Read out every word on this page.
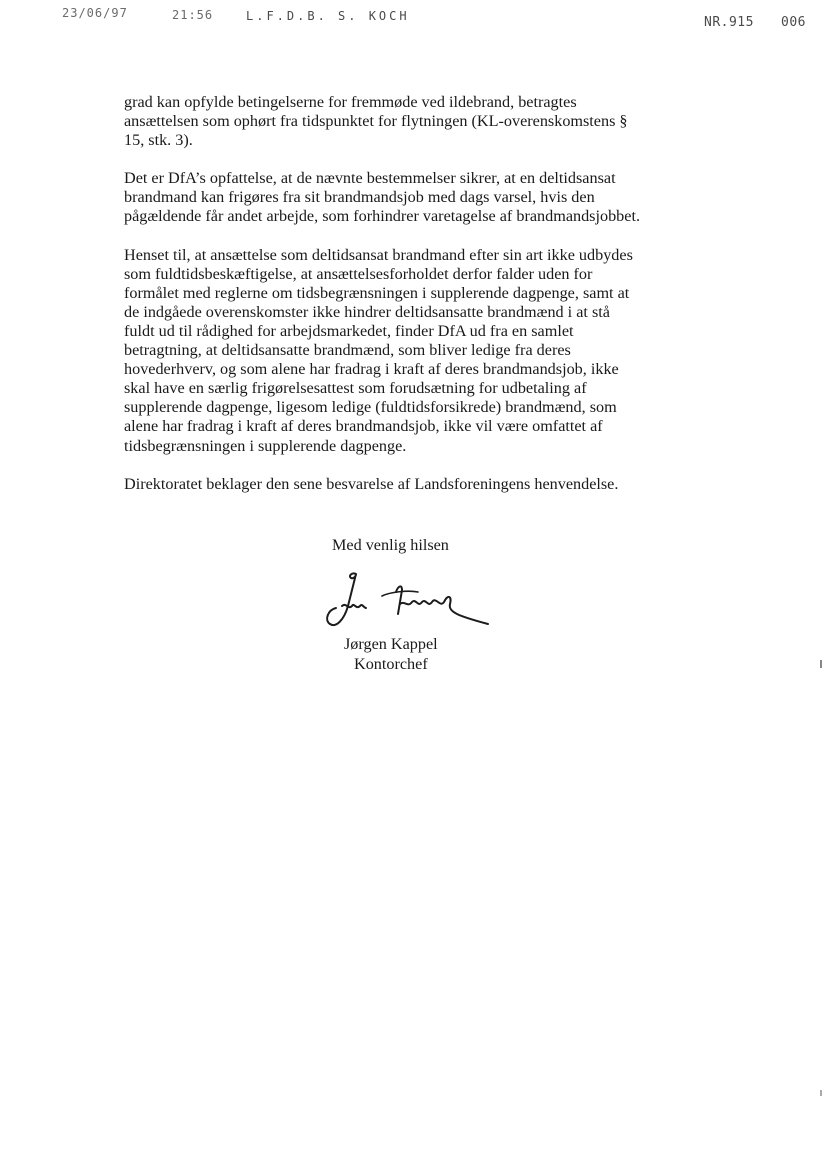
23/06/97	21:56	L.F.D.B. S. KOCH	NR.915 006

grad kan opfylde betingelserne for fremmøde ved ildebrand, betragtes
ansættelsen som ophørt fra tidspunktet for flytningen (KL-overenskomstens §
15, stk. 3).

Det er DfA’s opfattelse, at de nævnte bestemmelser sikrer, at en deltidsansat
brandmand kan frigøres fra sit brandmandsjob med dags varsel, hvis den
pågældende får andet arbejde, som forhindrer varetagelse af brandmandsjobbet.

Henset til, at ansættelse som deltidsansat brandmand efter sin art ikke udbydes
som fuldtidsbeskæftigelse, at ansættelsesforholdet derfor falder uden for
formålet med reglerne om tidsbegrænsningen i supplerende dagpenge, samt at
de indgåede overenskomster ikke hindrer deltidsansatte brandmænd i at stå
fuldt ud til rådighed for arbejdsmarkedet, finder DfA ud fra en samlet
betragtning, at deltidsansatte brandmænd, som bliver ledige fra deres
hovederhverv, og som alene har fradrag i kraft af deres brandmandsjob, ikke
skal have en særlig frigørelsesattest som forudsætning for udbetaling af
supplerende dagpenge, ligesom ledige (fuldtidsforsikrede) brandmænd, som
alene har fradrag i kraft af deres brandmandsjob, ikke vil være omfattet af
tidsbegrænsningen i supplerende dagpenge.

Direktoratet beklager den sene besvarelse af Landsforeningens henvendelse.

Med venlig hilsen
Jørgen Kappel
Kontorchef
